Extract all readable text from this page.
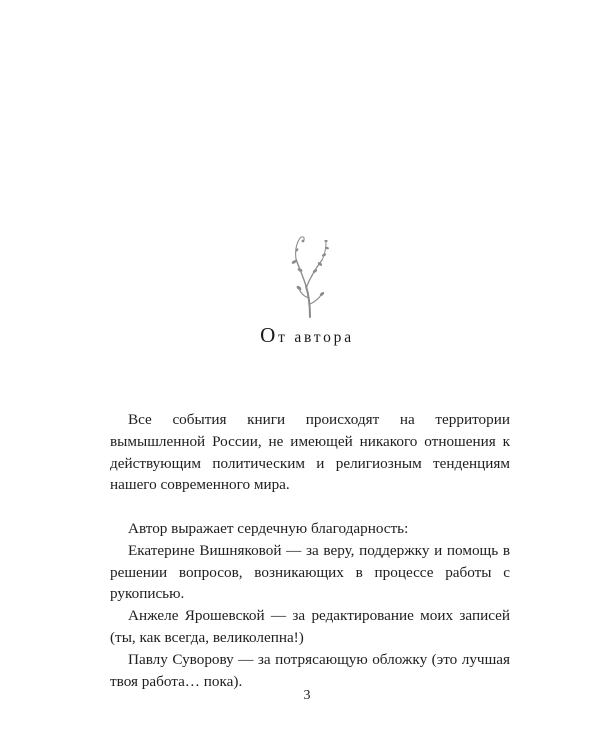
От автора

Все события книги происходят на территории вымышленной России, не имеющей никакого отношения к действующим политическим и религиозным тенденциям нашего современного мира.

Автор выражает сердечную благодарность:

Екатерине Вишняковой — за веру, поддержку и помощь в решении вопросов, возникающих в процессе работы с рукописью.

Анжеле Ярошевской — за редактирование моих записей (ты, как всегда, великолепна!)

Павлу Суворову — за потрясающую обложку (это лучшая твоя работа… пока).

3
